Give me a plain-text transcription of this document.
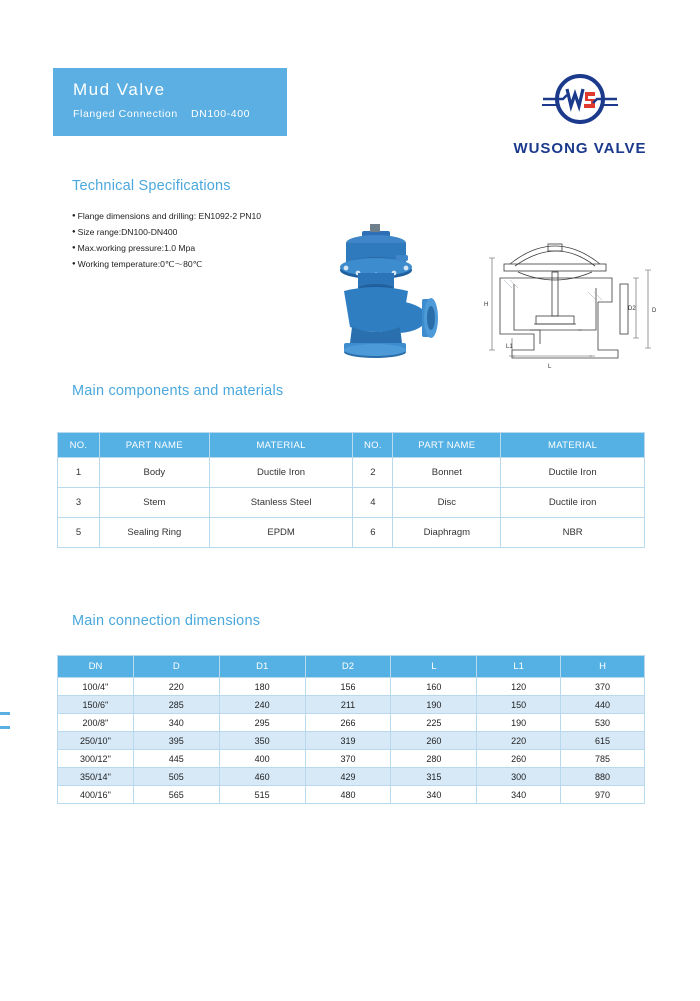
Mud Valve
Flanged Connection	DN100-400
WUSONG VALVE
Technical Specifications
● Flange dimensions and drilling: EN1092-2 PN10
● Size range:DN100-DN400
● Max.working pressure:1.0 Mpa
● Working temperature:0℃～80℃
H
L1
L
D2	D
Main components and materials
NO.	PART NAME	MATERIAL	NO.	PART NAME	MATERIAL
1	Body	Ductile Iron	2	Bonnet	Ductile Iron
3	Stem	Stanless Steel	4	Disc	Ductile iron
5	Sealing Ring	EPDM	6	Diaphragm	NBR
Main connection dimensions
DN	D	D1	D2	L	L1	H
100/4''	220	180	156	160	120	370
150/6''	285	240	211	190	150	440
200/8''	340	295	266	225	190	530
250/10''	395	350	319	260	220	615
300/12''	445	400	370	280	260	785
350/14''	505	460	429	315	300	880
400/16''	565	515	480	340	340	970
